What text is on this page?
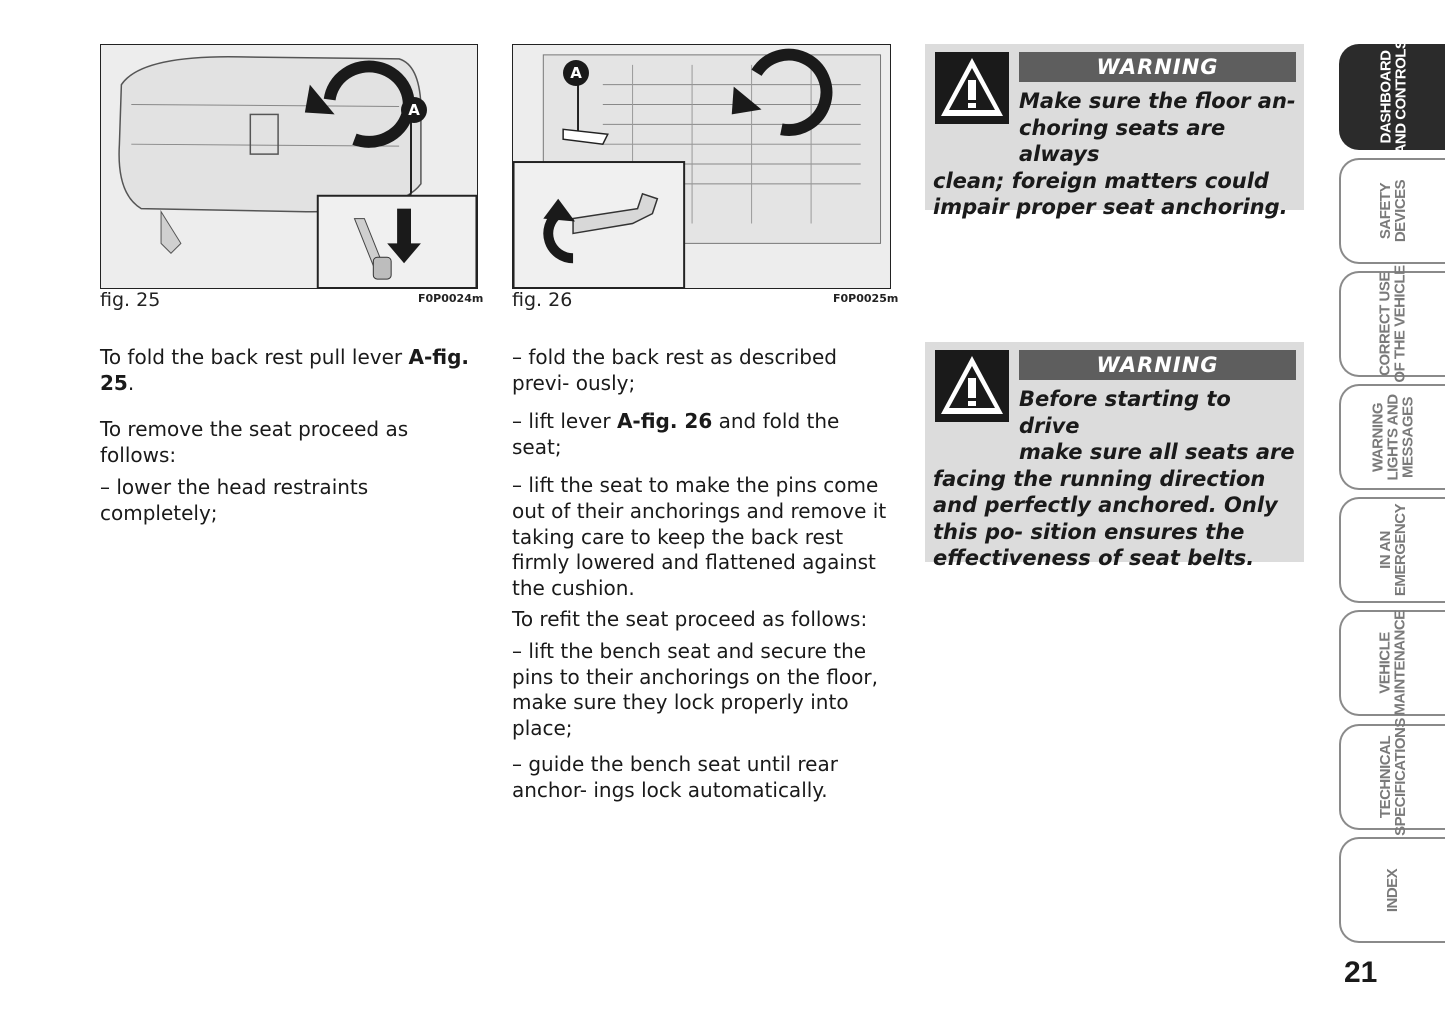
A
fig. 25	F0P0024m
A
fig. 26	F0P0025m

To fold the back rest pull lever A-fig. 25.

To remove the seat proceed as follows:

– lower the head restraints completely;

– fold the back rest as described previ- ously;

– lift lever A-fig. 26 and fold the seat;

– lift the seat to make the pins come out of their anchorings and remove it taking care to keep the back rest firmly lowered and flattened against the cushion.

To refit the seat proceed as follows:

– lift the bench seat and secure the pins to their anchorings on the floor, make sure they lock properly into place;

– guide the bench seat until rear anchor- ings lock automatically.

WARNING
Make sure the floor an-
choring seats are always
clean; foreign matters could impair proper seat anchoring.
WARNING
Before starting to drive
make sure all seats are
facing the running direction and perfectly anchored. Only this po- sition ensures the effectiveness of seat belts.
DASHBOARD
AND CONTROLS
SAFETY
DEVICES
CORRECT USE
OF THE VEHICLE
WARNING
LIGHTS AND
MESSAGES
IN AN
EMERGENCY
VEHICLE
MAINTENANCE
TECHNICAL
SPECIFICATIONS
INDEX
21
